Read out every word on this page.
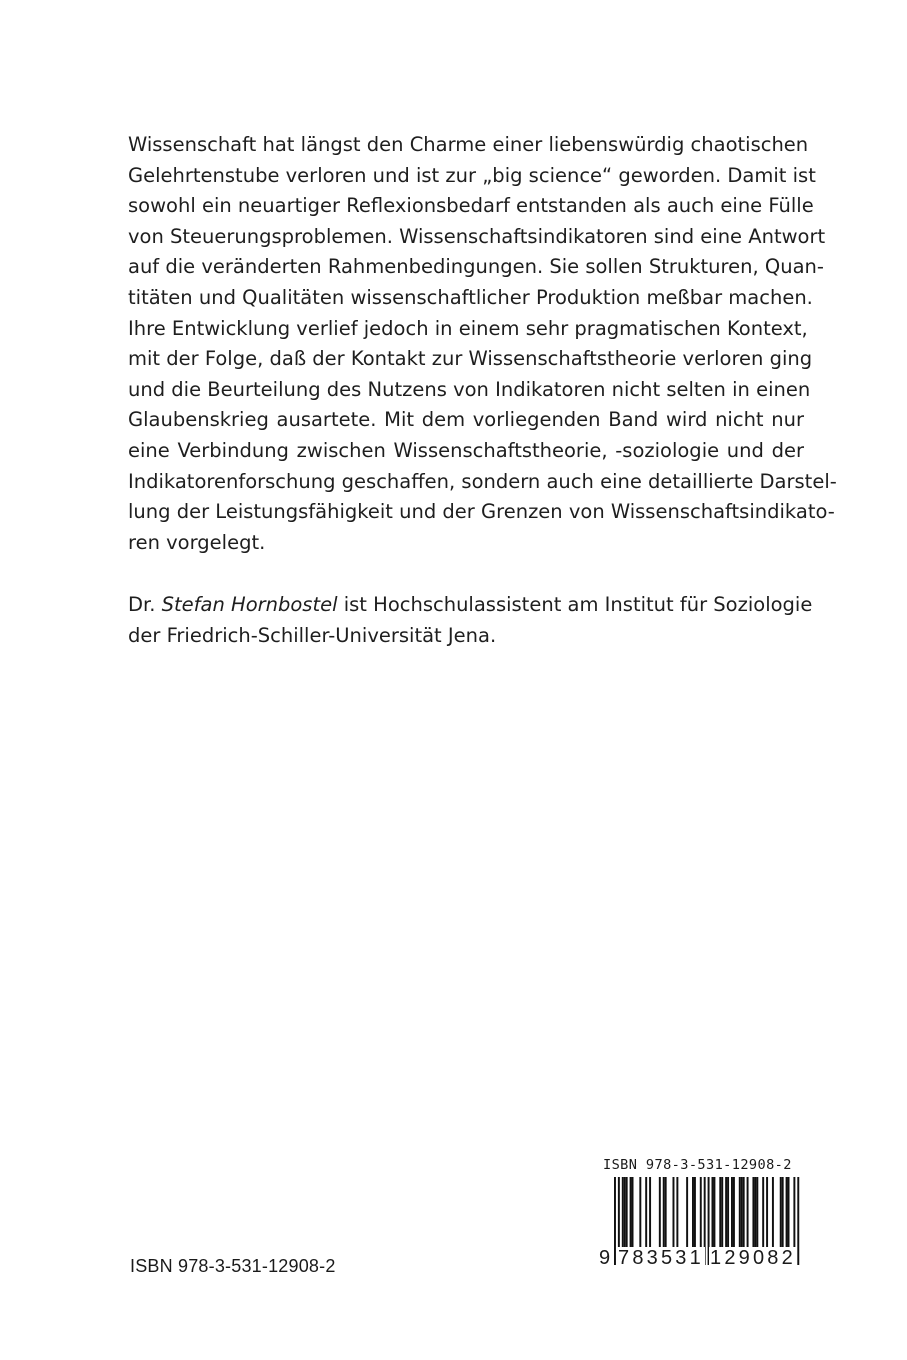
Wissenschaft hat längst den Charme einer liebenswürdig chaotischen
Gelehrtenstube verloren und ist zur „big science“ geworden. Damit ist
sowohl ein neuartiger Reflexionsbedarf entstanden als auch eine Fülle
von Steuerungsproblemen. Wissenschaftsindikatoren sind eine Antwort
auf die veränderten Rahmenbedingungen. Sie sollen Strukturen, Quan-
titäten und Qualitäten wissenschaftlicher Produktion meßbar machen.
Ihre Entwicklung verlief jedoch in einem sehr pragmatischen Kontext,
mit der Folge, daß der Kontakt zur Wissenschaftstheorie verloren ging
und die Beurteilung des Nutzens von Indikatoren nicht selten in einen
Glaubenskrieg ausartete. Mit dem vorliegenden Band wird nicht nur
eine Verbindung zwischen Wissenschaftstheorie, -soziologie und der
Indikatorenforschung geschaffen, sondern auch eine detaillierte Darstel-
lung der Leistungsfähigkeit und der Grenzen von Wissenschaftsindikato-
ren vorgelegt.
Dr. Stefan Hornbostel ist Hochschulassistent am Institut für Soziologie
der Friedrich-Schiller-Universität Jena.
ISBN 978-3-531-12908-2
9 783531 129082
ISBN 978-3-531-12908-2
